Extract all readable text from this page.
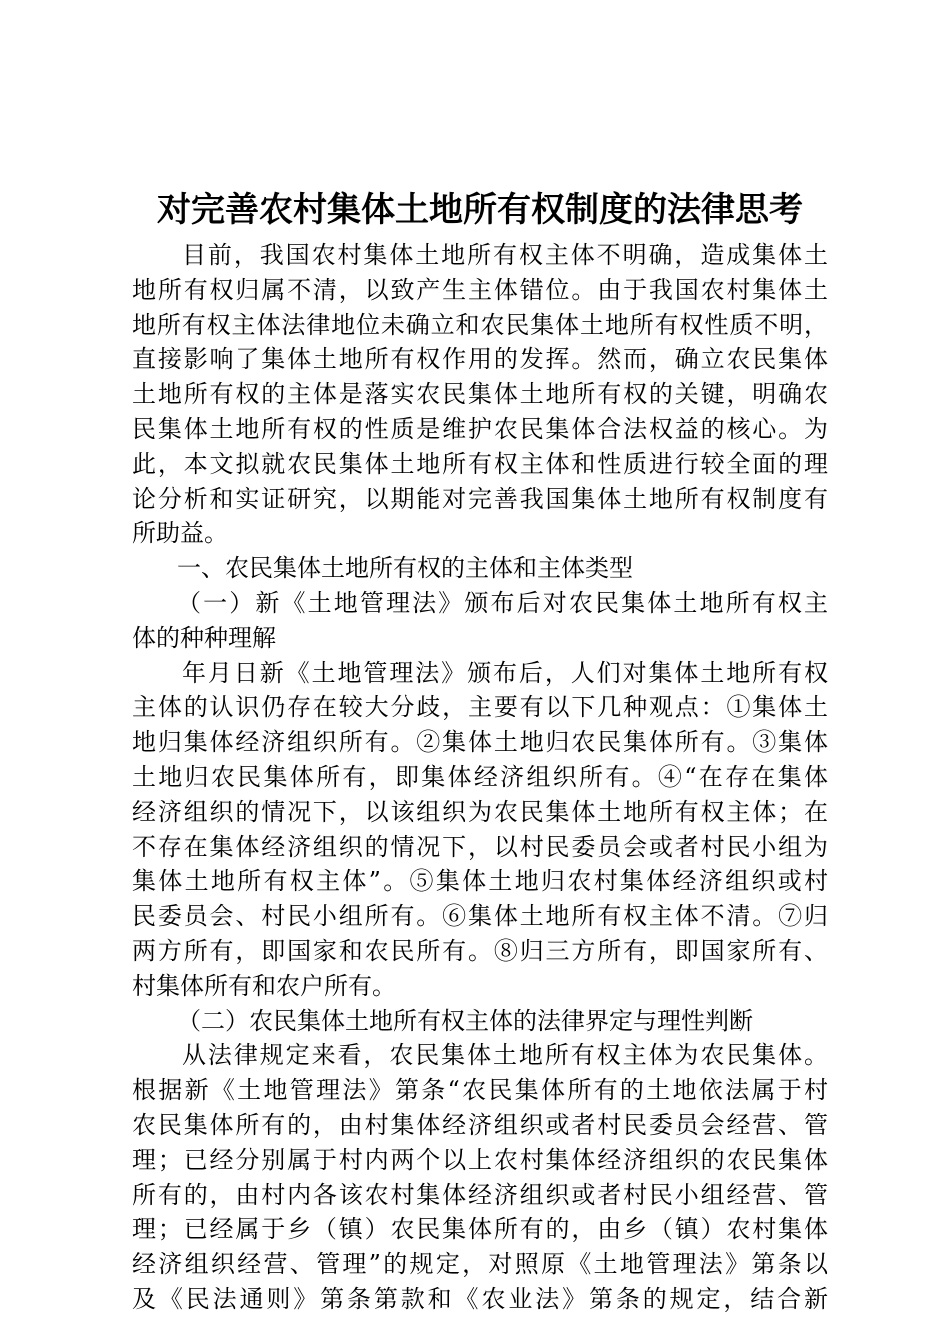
对完善农村集体土地所有权制度的法律思考
目前，我国农村集体土地所有权主体不明确，造成集体土
地所有权归属不清，以致产生主体错位。由于我国农村集体土
地所有权主体法律地位未确立和农民集体土地所有权性质不明，
直接影响了集体土地所有权作用的发挥。然而，确立农民集体
土地所有权的主体是落实农民集体土地所有权的关键，明确农
民集体土地所有权的性质是维护农民集体合法权益的核心。为
此，本文拟就农民集体土地所有权主体和性质进行较全面的理
论分析和实证研究，以期能对完善我国集体土地所有权制度有
所助益。
一、农民集体土地所有权的主体和主体类型
（一）新《土地管理法》颁布后对农民集体土地所有权主
体的种种理解
年月日新《土地管理法》颁布后，人们对集体土地所有权
主体的认识仍存在较大分歧，主要有以下几种观点：①集体土
地归集体经济组织所有。②集体土地归农民集体所有。③集体
土地归农民集体所有，即集体经济组织所有。④“在存在集体
经济组织的情况下，以该组织为农民集体土地所有权主体；在
不存在集体经济组织的情况下，以村民委员会或者村民小组为
集体土地所有权主体”。⑤集体土地归农村集体经济组织或村
民委员会、村民小组所有。⑥集体土地所有权主体不清。⑦归
两方所有，即国家和农民所有。⑧归三方所有，即国家所有、
村集体所有和农户所有。
（二）农民集体土地所有权主体的法律界定与理性判断
从法律规定来看，农民集体土地所有权主体为农民集体。
根据新《土地管理法》第条“农民集体所有的土地依法属于村
农民集体所有的，由村集体经济组织或者村民委员会经营、管
理；已经分别属于村内两个以上农村集体经济组织的农民集体
所有的，由村内各该农村集体经济组织或者村民小组经营、管
理；已经属于乡（镇）农民集体所有的，由乡（镇）农村集体
经济组织经营、管理”的规定，对照原《土地管理法》第条以
及《民法通则》第条第款和《农业法》第条的规定，结合新
